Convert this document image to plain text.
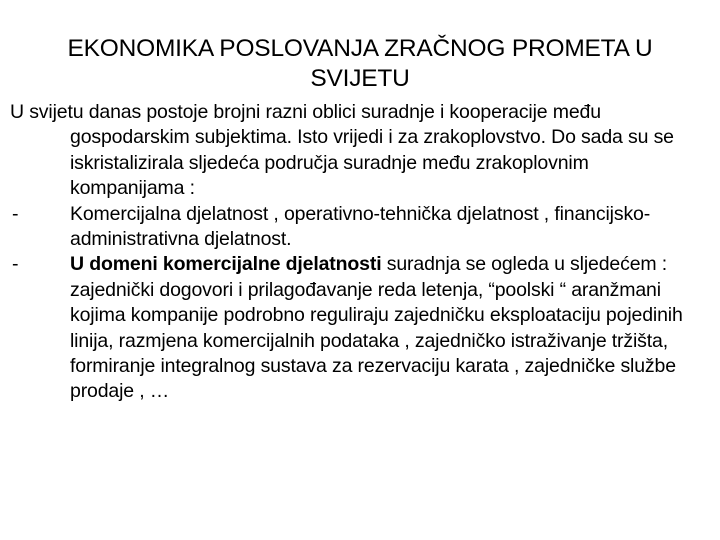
EKONOMIKA POSLOVANJA ZRAČNOG PROMETA U SVIJETU

U svijetu danas postoje brojni razni oblici suradnje i kooperacije među gospodarskim subjektima. Isto vrijedi i za zrakoplovstvo. Do sada su se iskristalizirala sljedeća područja suradnje među zrakoplovnim kompanijama :

-	Komercijalna djelatnost , operativno-tehnička djelatnost , financijsko-administrativna djelatnost.

-	U domeni komercijalne djelatnosti suradnja se ogleda u sljedećem : zajednički dogovori i prilagođavanje reda letenja, “poolski “ aranžmani kojima kompanije podrobno reguliraju zajedničku eksploataciju pojedinih linija, razmjena komercijalnih podataka , zajedničko istraživanje tržišta, formiranje integralnog sustava za rezervaciju karata , zajedničke službe prodaje , …
